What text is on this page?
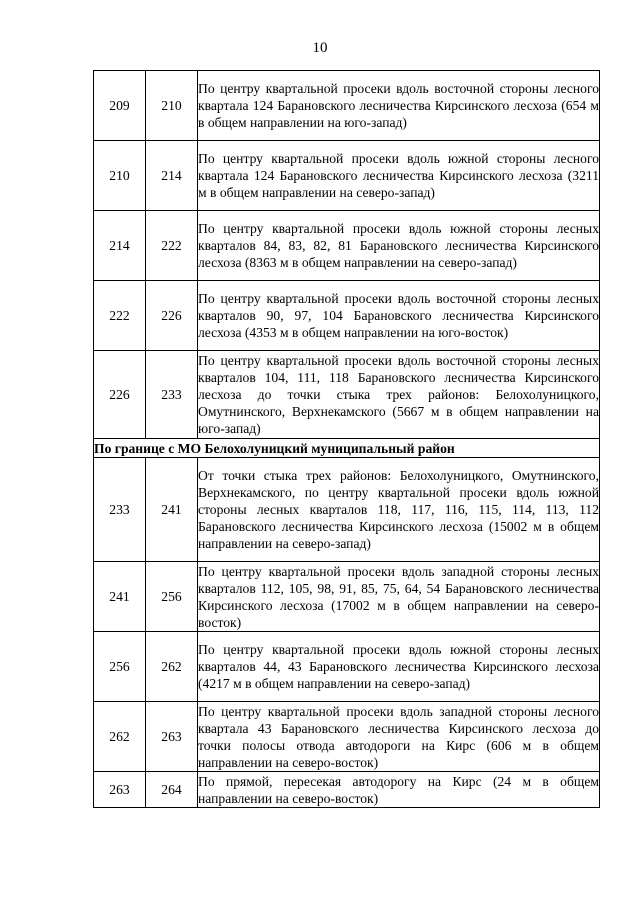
10
209	210	По центру квартальной просеки вдоль восточной стороны лесного квартала 124 Барановского лесничества Кирсинского лесхоза (654 м в общем направлении на юго-запад)
210	214	По центру квартальной просеки вдоль южной стороны лесного квартала 124 Барановского лесничества Кирсинского лесхоза (3211 м в общем направлении на северо-запад)
214	222	По центру квартальной просеки вдоль южной стороны лесных кварталов 84, 83, 82, 81 Барановского лесничества Кирсинского лесхоза (8363 м в общем направлении на северо-запад)
222	226	По центру квартальной просеки вдоль восточной стороны лесных кварталов 90, 97, 104 Барановского лесничества Кирсинского лесхоза (4353 м в общем направлении на юго-восток)
226	233	По центру квартальной просеки вдоль восточной стороны лесных кварталов 104, 111, 118 Барановского лесничества Кирсинского лесхоза до точки стыка трех районов: Белохолуницкого, Омутнинского, Верхнекамского (5667 м в общем направлении на юго-запад)
По границе с МО Белохолуницкий муниципальный район		
233	241	От точки стыка трех районов: Белохолуницкого, Омутнинского, Верхнекамского, по центру квартальной просеки вдоль южной стороны лесных кварталов 118, 117, 116, 115, 114, 113, 112 Барановского лесничества Кирсинского лесхоза (15002 м в общем направлении на северо-запад)
241	256	По центру квартальной просеки вдоль западной стороны лесных кварталов 112, 105, 98, 91, 85, 75, 64, 54 Барановского лесничества Кирсинского лесхоза (17002 м в общем направлении на северо-восток)
256	262	По центру квартальной просеки вдоль южной стороны лесных кварталов 44, 43 Барановского лесничества Кирсинского лесхоза (4217 м в общем направлении на северо-запад)
262	263	По центру квартальной просеки вдоль западной стороны лесного квартала 43 Барановского лесничества Кирсинского лесхоза до точки полосы отвода автодороги на Кирс (606 м в общем направлении на северо-восток)
263	264	По прямой, пересекая автодорогу на Кирс (24 м в общем направлении на северо-восток)
